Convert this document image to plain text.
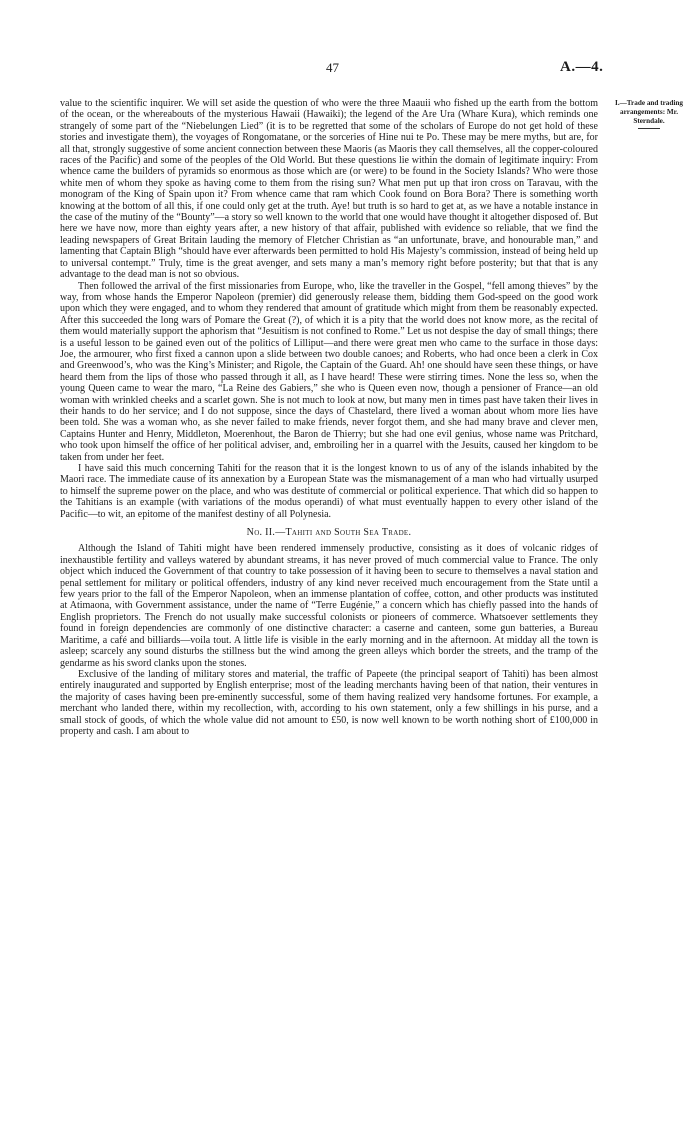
47	A.—4.
I.—Trade and trading arrangements: Mr. Sterndale.

value to the scientific inquirer. We will set aside the question of who were the three Maauii who fished up the earth from the bottom of the ocean, or the whereabouts of the mysterious Hawaii (Hawaiki); the legend of the Are Ura (Whare Kura), which reminds one strangely of some part of the “Niebelungen Lied” (it is to be regretted that some of the scholars of Europe do not get hold of these stories and investigate them), the voyages of Rongomatane, or the sorceries of Hine nui te Po. These may be mere myths, but are, for all that, strongly suggestive of some ancient connection between these Maoris (as Maoris they call themselves, all the copper-coloured races of the Pacific) and some of the peoples of the Old World. But these questions lie within the domain of legitimate inquiry: From whence came the builders of pyramids so enormous as those which are (or were) to be found in the Society Islands? Who were those white men of whom they spoke as having come to them from the rising sun? What men put up that iron cross on Taravau, with the monogram of the King of Spain upon it? From whence came that ram which Cook found on Bora Bora? There is something worth knowing at the bottom of all this, if one could only get at the truth. Aye! but truth is so hard to get at, as we have a notable instance in the case of the mutiny of the “Bounty”—a story so well known to the world that one would have thought it altogether disposed of. But here we have now, more than eighty years after, a new history of that affair, published with evidence so reliable, that we find the leading newspapers of Great Britain lauding the memory of Fletcher Christian as “an unfortunate, brave, and honourable man,” and lamenting that Captain Bligh “should have ever afterwards been permitted to hold His Majesty’s commission, instead of being held up to universal contempt.” Truly, time is the great avenger, and sets many a man’s memory right before posterity; but that that is any advantage to the dead man is not so obvious.

Then followed the arrival of the first missionaries from Europe, who, like the traveller in the Gospel, “fell among thieves” by the way, from whose hands the Emperor Napoleon (premier) did generously release them, bidding them God-speed on the good work upon which they were engaged, and to whom they rendered that amount of gratitude which might from them be reasonably expected. After this succeeded the long wars of Pomare the Great (?), of which it is a pity that the world does not know more, as the recital of them would materially support the aphorism that “Jesuitism is not confined to Rome.” Let us not despise the day of small things; there is a useful lesson to be gained even out of the politics of Lilliput—and there were great men who came to the surface in those days: Joe, the armourer, who first fixed a cannon upon a slide between two double canoes; and Roberts, who had once been a clerk in Cox and Greenwood’s, who was the King’s Minister; and Rigole, the Captain of the Guard. Ah! one should have seen these things, or have heard them from the lips of those who passed through it all, as I have heard! These were stirring times. None the less so, when the young Queen came to wear the maro, “La Reine des Gabiers,” she who is Queen even now, though a pensioner of France—an old woman with wrinkled cheeks and a scarlet gown. She is not much to look at now, but many men in times past have taken their lives in their hands to do her service; and I do not suppose, since the days of Chastelard, there lived a woman about whom more lies have been told. She was a woman who, as she never failed to make friends, never forgot them, and she had many brave and clever men, Captains Hunter and Henry, Middleton, Moerenhout, the Baron de Thierry; but she had one evil genius, whose name was Pritchard, who took upon himself the office of her political adviser, and, embroiling her in a quarrel with the Jesuits, caused her kingdom to be taken from under her feet.

I have said this much concerning Tahiti for the reason that it is the longest known to us of any of the islands inhabited by the Maori race. The immediate cause of its annexation by a European State was the mismanagement of a man who had virtually usurped to himself the supreme power on the place, and who was destitute of commercial or political experience. That which did so happen to the Tahitians is an example (with variations of the modus operandi) of what must eventually happen to every other island of the Pacific—to wit, an epitome of the manifest destiny of all Polynesia.

No. II.—Tahiti and South Sea Trade.

Although the Island of Tahiti might have been rendered immensely productive, consisting as it does of volcanic ridges of inexhaustible fertility and valleys watered by abundant streams, it has never proved of much commercial value to France. The only object which induced the Government of that country to take possession of it having been to secure to themselves a naval station and penal settlement for military or political offenders, industry of any kind never received much encouragement from the State until a few years prior to the fall of the Emperor Napoleon, when an immense plantation of coffee, cotton, and other products was instituted at Atimaona, with Government assistance, under the name of “Terre Eugénie,” a concern which has chiefly passed into the hands of English proprietors. The French do not usually make successful colonists or pioneers of commerce. Whatsoever settlements they found in foreign dependencies are commonly of one distinctive character: a caserne and canteen, some gun batteries, a Bureau Maritime, a café and billiards—voila tout. A little life is visible in the early morning and in the afternoon. At midday all the town is asleep; scarcely any sound disturbs the stillness but the wind among the green alleys which border the streets, and the tramp of the gendarme as his sword clanks upon the stones.

Exclusive of the landing of military stores and material, the traffic of Papeete (the principal seaport of Tahiti) has been almost entirely inaugurated and supported by English enterprise; most of the leading merchants having been of that nation, their ventures in the majority of cases having been pre-eminently successful, some of them having realized very handsome fortunes. For example, a merchant who landed there, within my recollection, with, according to his own statement, only a few shillings in his purse, and a small stock of goods, of which the whole value did not amount to £50, is now well known to be worth nothing short of £100,000 in property and cash. I am about to
